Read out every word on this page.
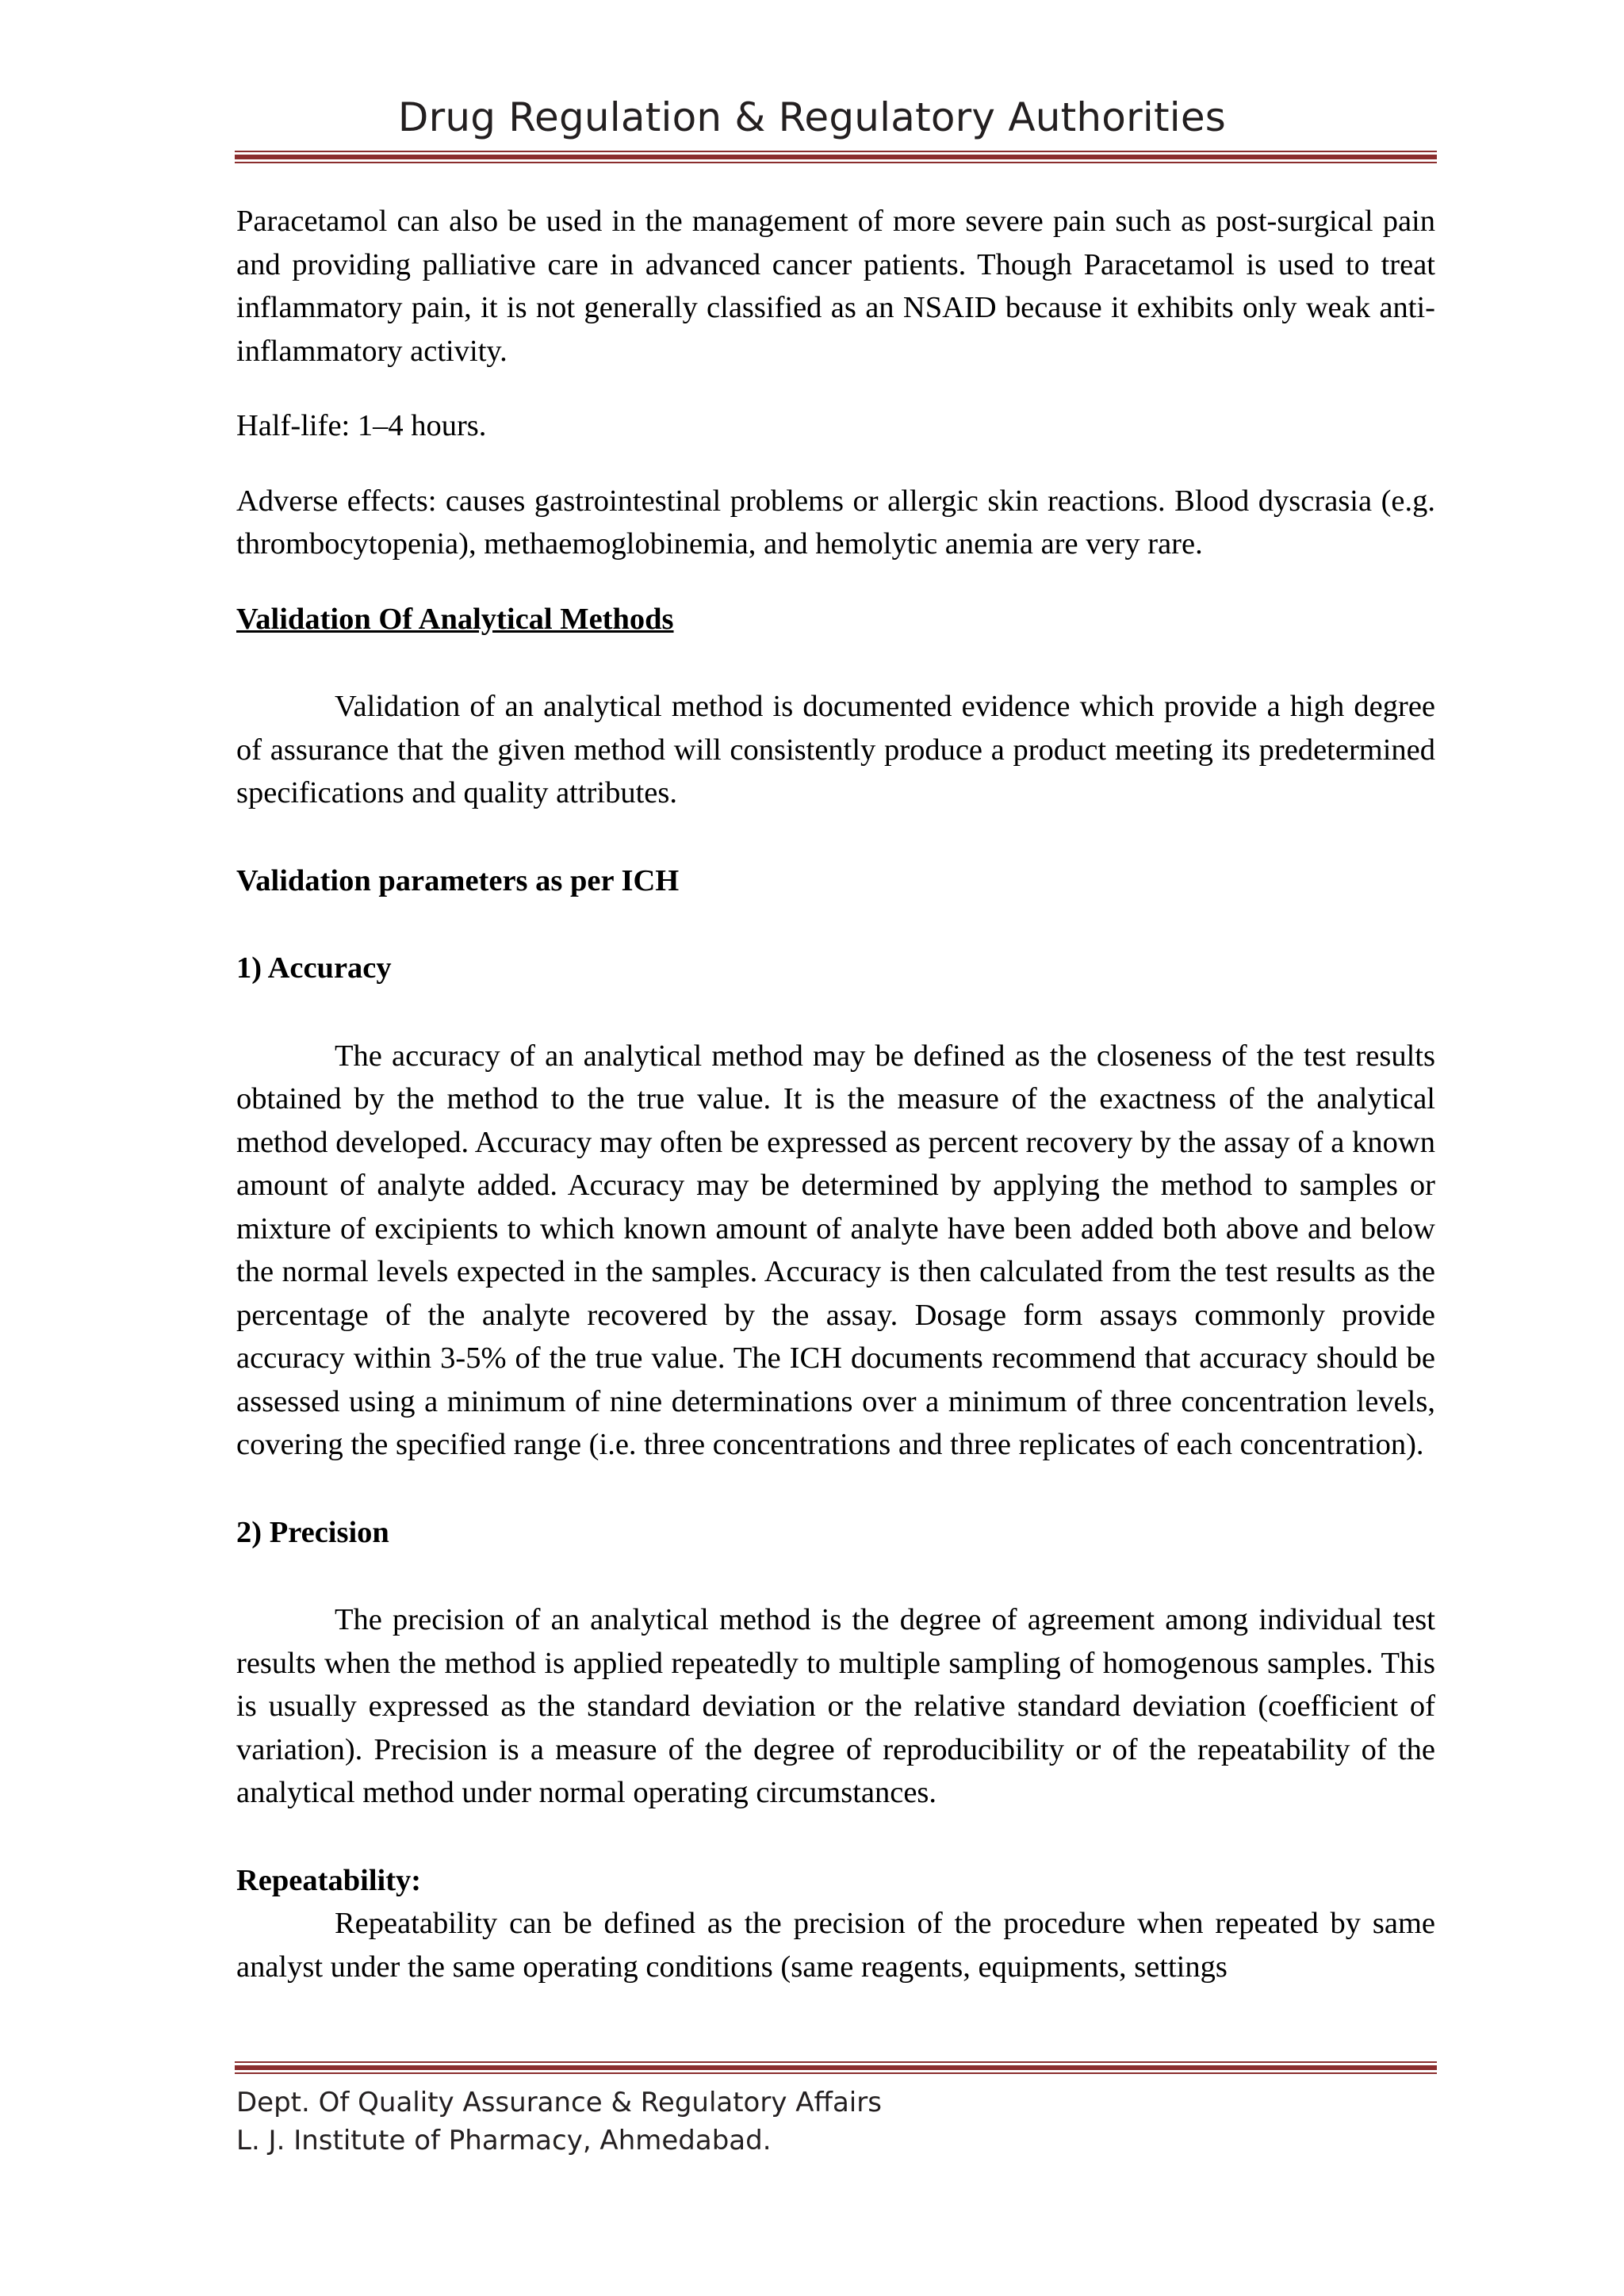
Drug Regulation & Regulatory Authorities

Paracetamol can also be used in the management of more severe pain such as post-surgical pain and providing palliative care in advanced cancer patients. Though Paracetamol is used to treat inflammatory pain, it is not generally classified as an NSAID because it exhibits only weak anti-inflammatory activity.

Half-life: 1–4 hours.

Adverse effects: causes gastrointestinal problems or allergic skin reactions. Blood dyscrasia (e.g. thrombocytopenia), methaemoglobinemia, and hemolytic anemia are very rare.

Validation Of Analytical Methods

Validation of an analytical method is documented evidence which provide a high degree of assurance that the given method will consistently produce a product meeting its predetermined specifications and quality attributes.

Validation parameters as per ICH

1) Accuracy

The accuracy of an analytical method may be defined as the closeness of the test results obtained by the method to the true value. It is the measure of the exactness of the analytical method developed. Accuracy may often be expressed as percent recovery by the assay of a known amount of analyte added. Accuracy may be determined by applying the method to samples or mixture of excipients to which known amount of analyte have been added both above and below the normal levels expected in the samples. Accuracy is then calculated from the test results as the percentage of the analyte recovered by the assay. Dosage form assays commonly provide accuracy within 3-5% of the true value. The ICH documents recommend that accuracy should be assessed using a minimum of nine determinations over a minimum of three concentration levels, covering the specified range (i.e. three concentrations and three replicates of each concentration).

2) Precision

The precision of an analytical method is the degree of agreement among individual test results when the method is applied repeatedly to multiple sampling of homogenous samples. This is usually expressed as the standard deviation or the relative standard deviation (coefficient of variation). Precision is a measure of the degree of reproducibility or of the repeatability of the analytical method under normal operating circumstances.

Repeatability:

Repeatability can be defined as the precision of the procedure when repeated by same analyst under the same operating conditions (same reagents, equipments, settings

Dept. Of Quality Assurance & Regulatory Affairs
L. J. Institute of Pharmacy, Ahmedabad.
